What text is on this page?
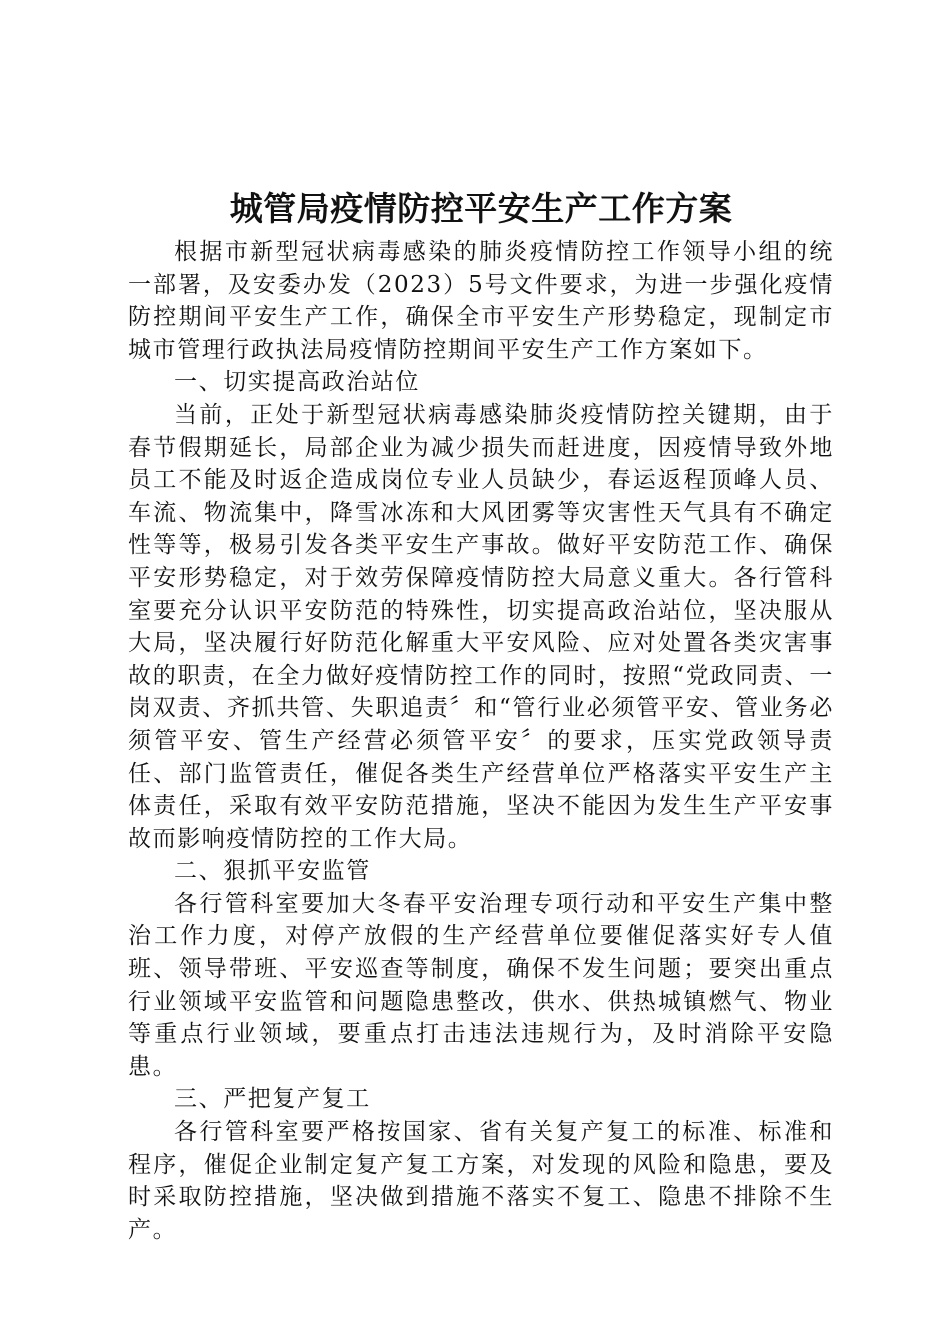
城管局疫情防控平安生产工作方案

根据市新型冠状病毒感染的肺炎疫情防控工作领导小组的统一部署，及安委办发（2023）5号文件要求，为进一步强化疫情防控期间平安生产工作，确保全市平安生产形势稳定，现制定市城市管理行政执法局疫情防控期间平安生产工作方案如下。

一、切实提高政治站位

当前，正处于新型冠状病毒感染肺炎疫情防控关键期，由于春节假期延长，局部企业为减少损失而赶进度，因疫情导致外地员工不能及时返企造成岗位专业人员缺少，春运返程顶峰人员、车流、物流集中，降雪冰冻和大风团雾等灾害性天气具有不确定性等等，极易引发各类平安生产事故。做好平安防范工作、确保平安形势稳定，对于效劳保障疫情防控大局意义重大。各行管科室要充分认识平安防范的特殊性，切实提高政治站位，坚决服从大局，坚决履行好防范化解重大平安风险、应对处置各类灾害事故的职责，在全力做好疫情防控工作的同时，按照“党政同责、一岗双责、齐抓共管、失职追责〞和“管行业必须管平安、管业务必须管平安、管生产经营必须管平安〞的要求，压实党政领导责任、部门监管责任，催促各类生产经营单位严格落实平安生产主体责任，采取有效平安防范措施，坚决不能因为发生生产平安事故而影响疫情防控的工作大局。

二、狠抓平安监管

各行管科室要加大冬春平安治理专项行动和平安生产集中整治工作力度，对停产放假的生产经营单位要催促落实好专人值班、领导带班、平安巡查等制度，确保不发生问题；要突出重点行业领域平安监管和问题隐患整改，供水、供热城镇燃气、物业等重点行业领域，要重点打击违法违规行为，及时消除平安隐患。

三、严把复产复工

各行管科室要严格按国家、省有关复产复工的标准、标准和程序，催促企业制定复产复工方案，对发现的风险和隐患，要及时采取防控措施，坚决做到措施不落实不复工、隐患不排除不生产。
